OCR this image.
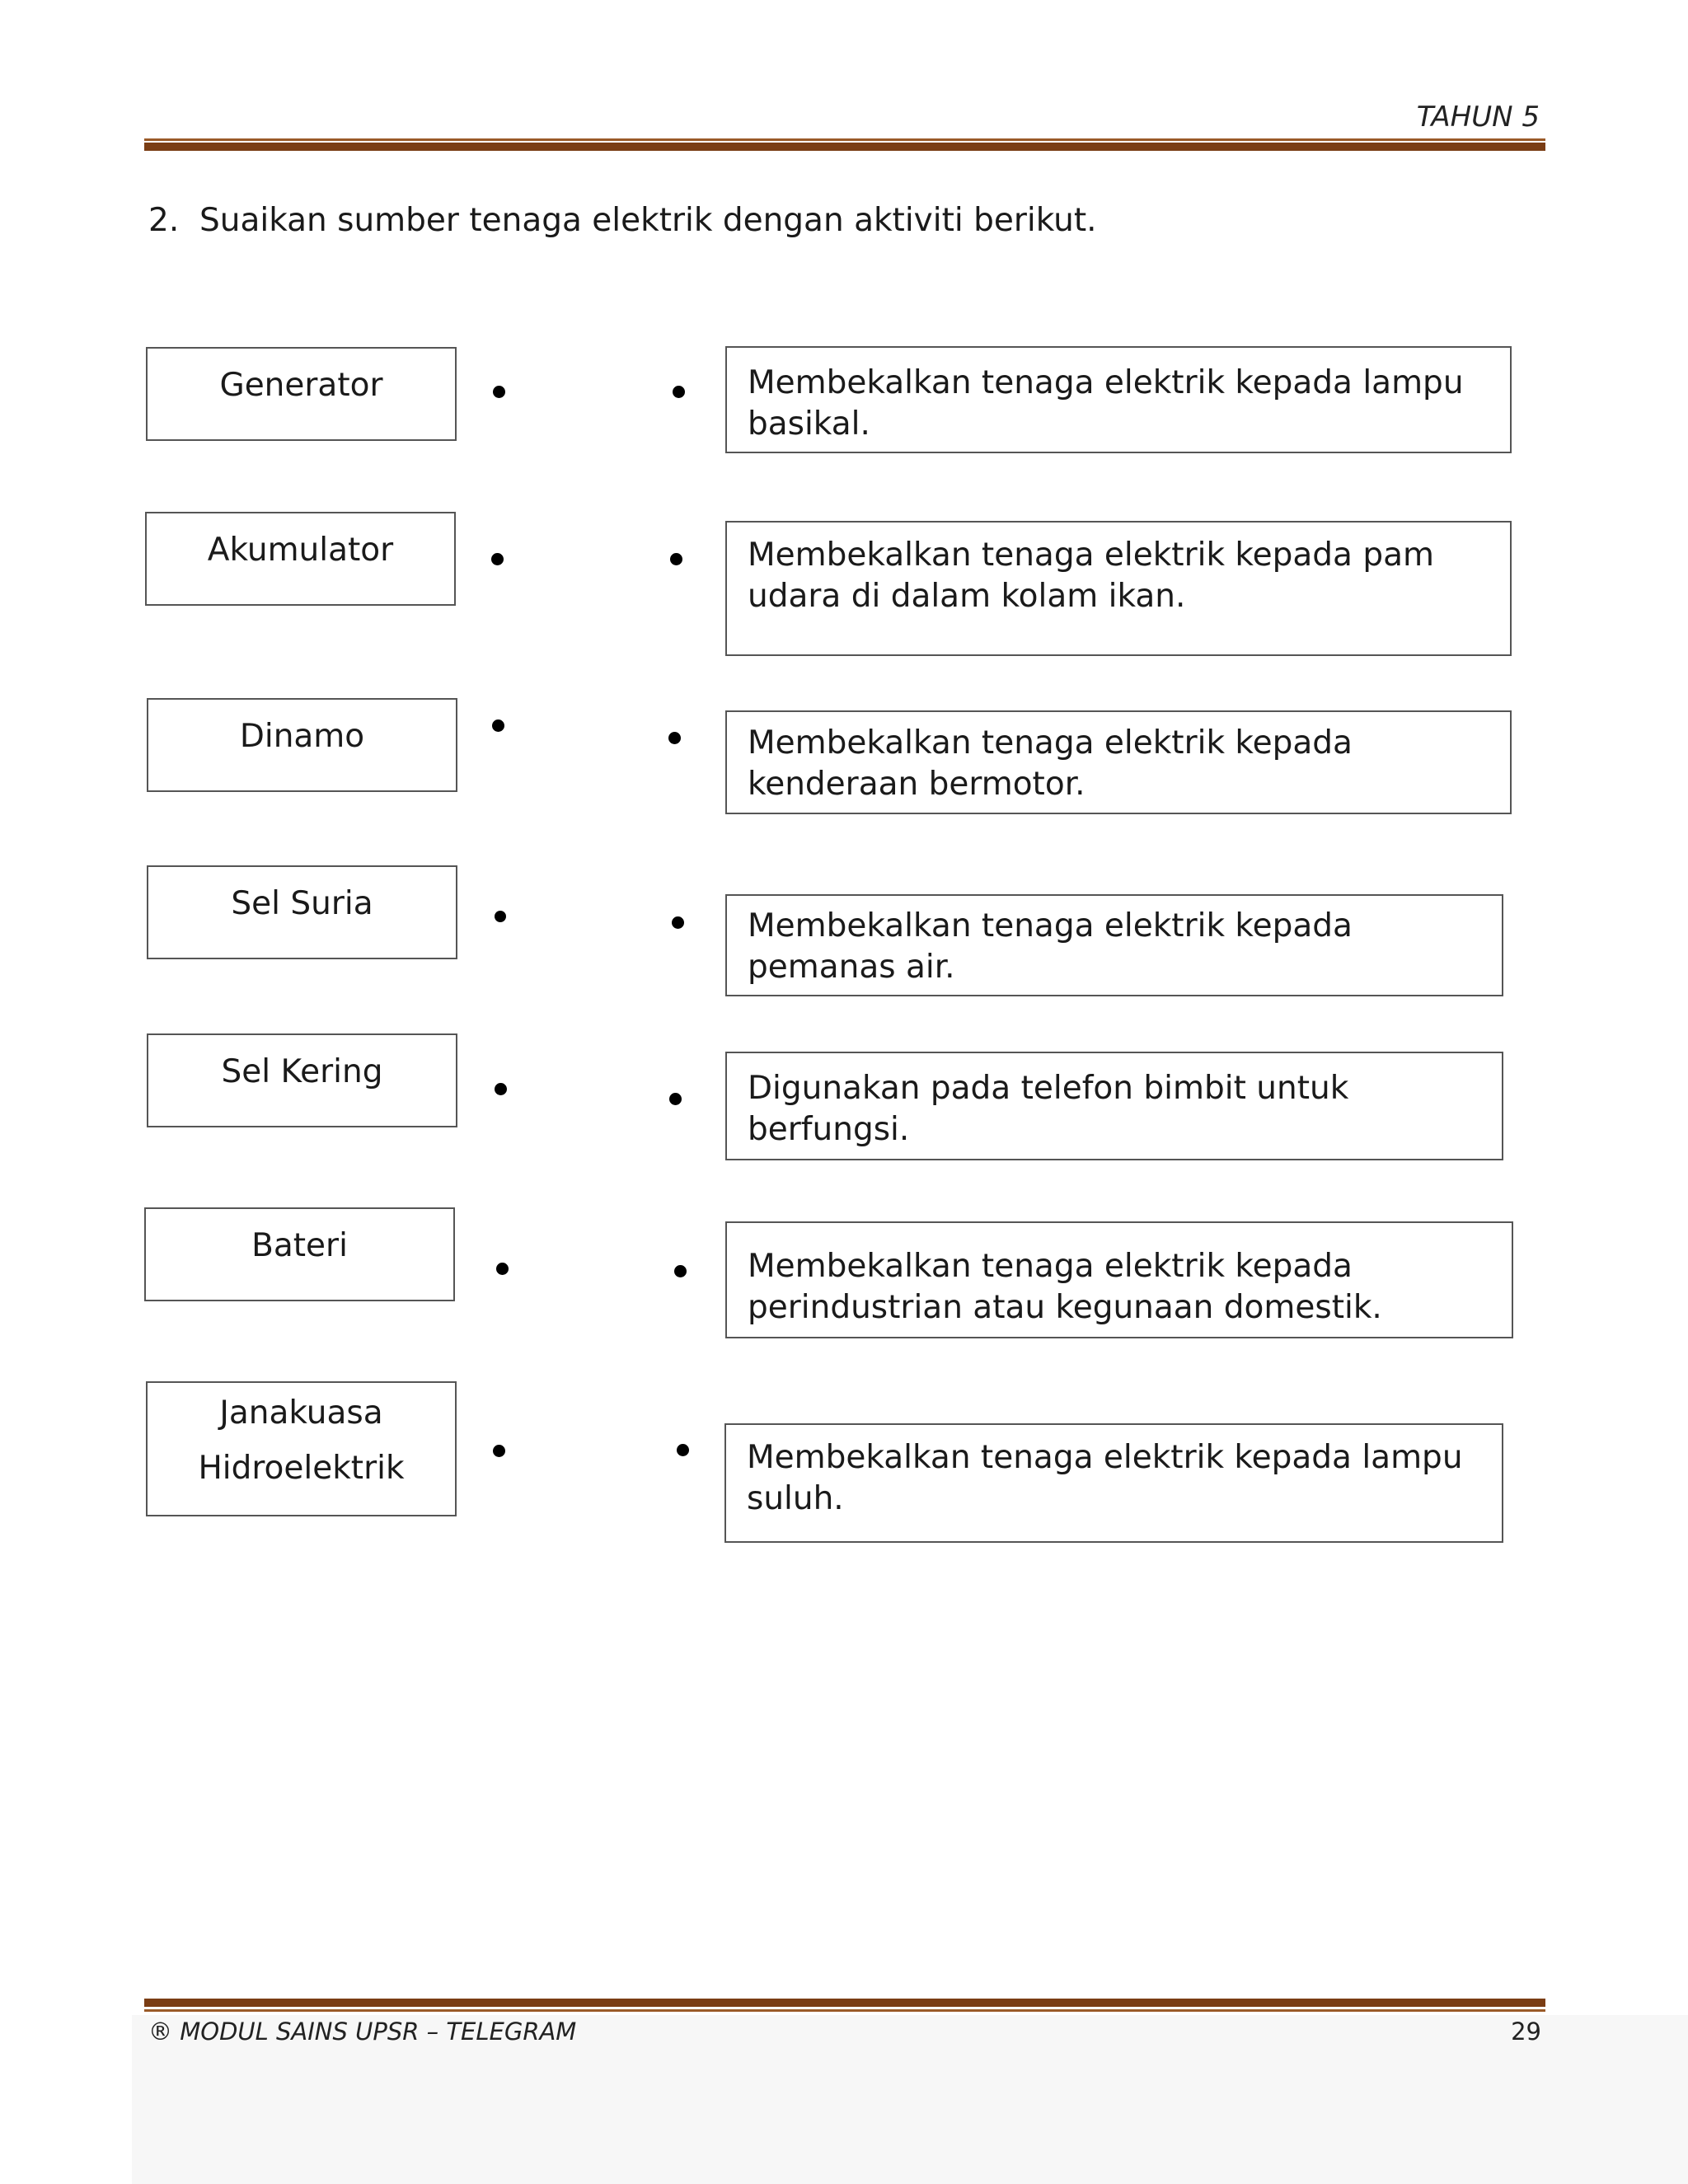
TAHUN 5
2. Suaikan sumber tenaga elektrik dengan aktiviti berikut.
Generator
Akumulator
Dinamo
Sel Suria
Sel Kering
Bateri
Janakuasa
Hidroelektrik
Membekalkan tenaga elektrik kepada lampu basikal.
Membekalkan tenaga elektrik kepada pam udara di dalam kolam ikan.
Membekalkan tenaga elektrik kepada kenderaan bermotor.
Membekalkan tenaga elektrik kepada pemanas air.
Digunakan pada telefon bimbit untuk berfungsi.
Membekalkan tenaga elektrik kepada perindustrian atau kegunaan domestik.
Membekalkan tenaga elektrik kepada lampu suluh.
® MODUL SAINS UPSR – TELEGRAM	29
